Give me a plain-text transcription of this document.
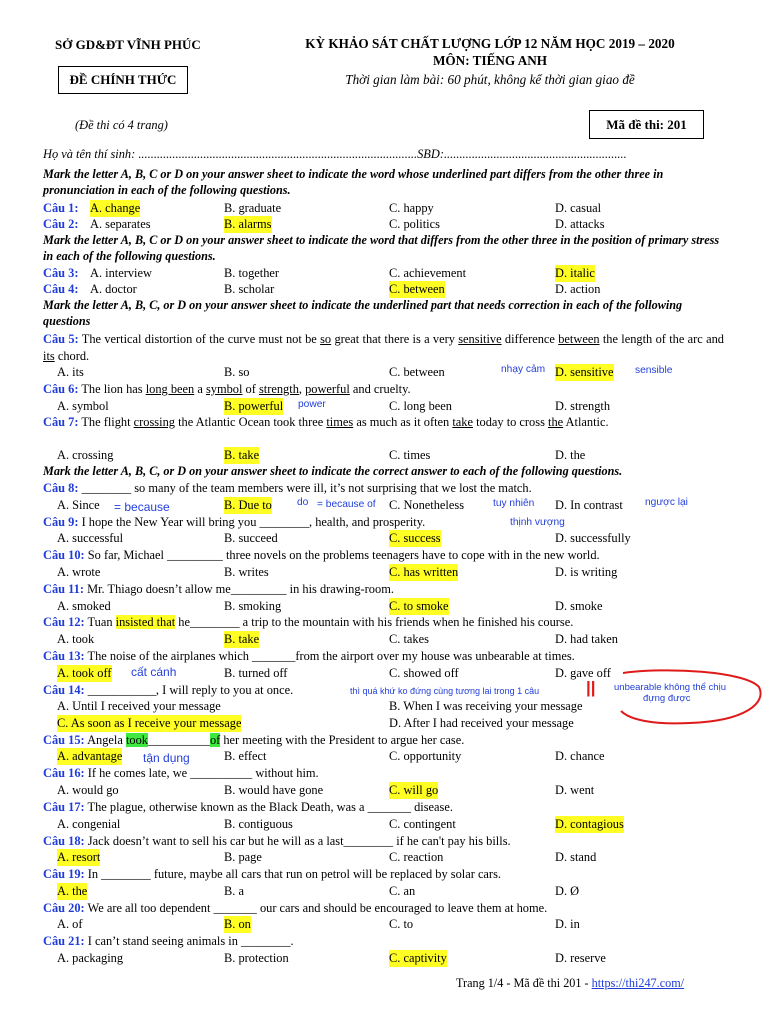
SỞ GD&ĐT VĨNH PHÚC
ĐỀ CHÍNH THỨC
(Đề thi có 4 trang)
KỲ KHẢO SÁT CHẤT LƯỢNG LỚP 12 NĂM HỌC 2019 – 2020
MÔN: TIẾNG ANH
Thời gian làm bài: 60 phút, không kể thời gian giao đề
Mã đề thi: 201
Họ và tên thí sinh: ..........................................................................................SBD:...........................................................
Mark the letter A, B, C or D on your answer sheet to indicate the word whose underlined part differs from the other three in pronunciation in each of the following questions.
Câu 1: A. change	B. graduate	C. happy	D. casual
Câu 2: A. separates	B. alarms	C. politics	D. attacks
Mark the letter A, B, C or D on your answer sheet to indicate the word that differs from the other three in the position of primary stress in each of the following questions.
Câu 3: A. interview	B. together	C. achievement	D. italic
Câu 4: A. doctor	B. scholar	C. between	D. action
Mark the letter A, B, C, or D on your answer sheet to indicate the underlined part that needs correction in each of the following questions
Câu 5: The vertical distortion of the curve must not be so great that there is a very sensitive difference between the length of the arc and its chord.
A. its	B. so	C. between	D. sensitive
nhạy cảm	sensible
Câu 6: The lion has long been a symbol of strength, powerful and cruelty.
A. symbol	B. powerful	C. long been	D. strength
power
Câu 7: The flight crossing the Atlantic Ocean took three times as much as it often take today to cross the Atlantic.
A. crossing	B. take	C. times	D. the
Mark the letter A, B, C, or D on your answer sheet to indicate the correct answer to each of the following questions.
Câu 8: ________ so many of the team members were ill, it’s not surprising that we lost the match.
A. Since	B. Due to	C. Nonetheless	D. In contrast
= because	do = because of	tuy nhiên	ngược lại
Câu 9: I hope the New Year will bring you ________, health, and prosperity.	thịnh vượng
A. successful	B. succeed	C. success	D. successfully
Câu 10: So far, Michael _________ three novels on the problems teenagers have to cope with in the new world.
A. wrote	B. writes	C. has written	D. is writing
Câu 11: Mr. Thiago doesn’t allow me_________ in his drawing-room.
A. smoked	B. smoking	C. to smoke	D. smoke
Câu 12: Tuan insisted that he________ a trip to the mountain with his friends when he finished his course.
A. took	B. take	C. takes	D. had taken
Câu 13: The noise of the airplanes which _______from the airport over my house was unbearable at times.
A. took off	B. turned off	C. showed off	D. gave off
cất cánh
Câu 14: ___________, I will reply to you at once.	thì quá khứ ko đứng cùng tương lai trong 1 câu	|| unbearable không thể chịu
đựng được
A. Until I received your message	B. When I was receiving your message
C. As soon as I receive your message	D. After I had received your message
Câu 15: Angela took__________of her meeting with the President to argue her case.
A. advantage	B. effect	C. opportunity	D. chance
tận dụng
Câu 16: If he comes late, we __________ without him.
A. would go	B. would have gone	C. will go	D. went
Câu 17: The plague, otherwise known as the Black Death, was a _______ disease.
A. congenial	B. contiguous	C. contingent	D. contagious
Câu 18: Jack doesn’t want to sell his car but he will as a last________ if he can't pay his bills.
A. resort	B. page	C. reaction	D. stand
Câu 19: In ________ future, maybe all cars that run on petrol will be replaced by solar cars.
A. the	B. a	C. an	D. Ø
Câu 20: We are all too dependent _______ our cars and should be encouraged to leave them at home.
A. of	B. on	C. to	D. in
Câu 21: I can’t stand seeing animals in ________.
A. packaging	B. protection	C. captivity	D. reserve
Trang 1/4 - Mã đề thi 201 - https://thi247.com/
